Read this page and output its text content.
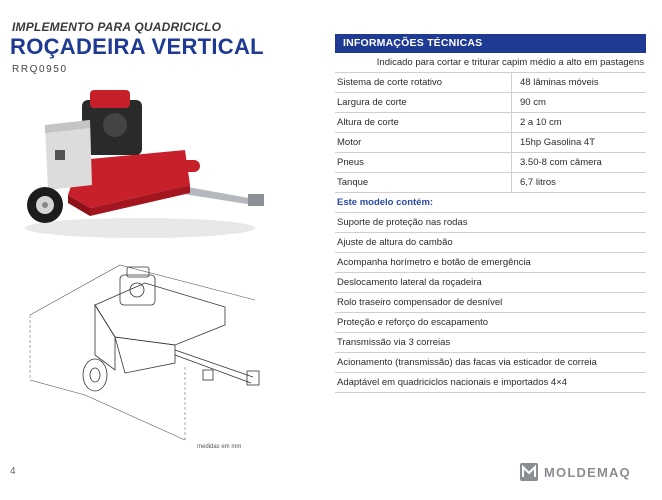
IMPLEMENTO PARA QUADRICICLO
ROÇADEIRA VERTICAL
RRQ0950
medidas em mm
INFORMAÇÕES TÉCNICAS
Indicado para cortar e triturar capim médio a alto em pastagens
Sistema de corte rotativo	48 lâminas móveis
Largura de corte	90 cm
Altura de corte	2 a 10 cm
Motor	15hp Gasolina 4T
Pneus	3.50-8 com câmera
Tanque	6,7 litros
Este modelo contém:
Suporte de proteção nas rodas
Ajuste de altura do cambão
Acompanha horímetro e botão de emergência
Deslocamento lateral da roçadeira
Rolo traseiro compensador de desnível
Proteção e reforço do escapamento
Transmissão via 3 correias
Acionamento (transmissão) das facas via esticador de correia
Adaptável em quadriciclos nacionais e importados 4×4
4	MOLDEMAQ
